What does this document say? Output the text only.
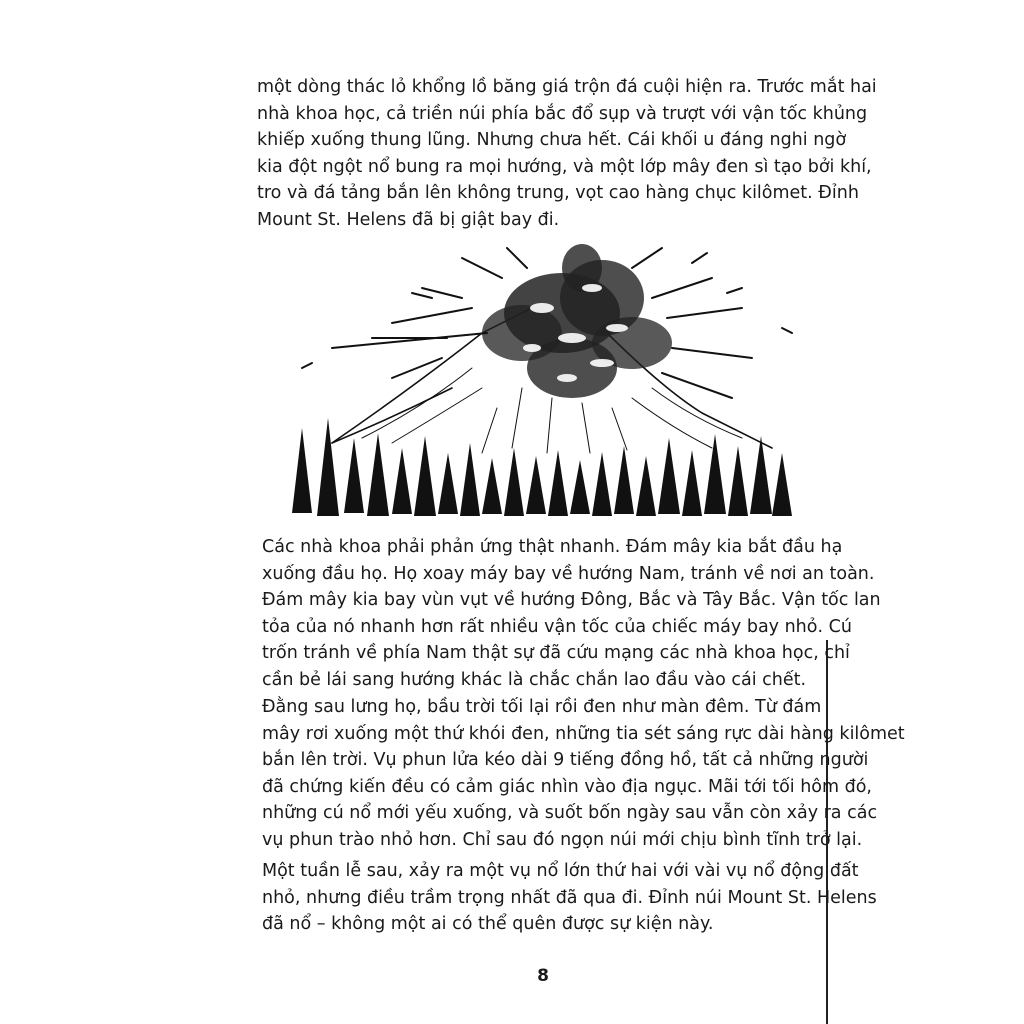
một dòng thác lỏ khổng lồ băng giá trộn đá cuội hiện ra. Trước mắt hai
nhà khoa học, cả triền núi phía bắc đổ sụp và trượt với vận tốc khủng
khiếp xuống thung lũng. Nhưng chưa hết. Cái khối u đáng nghi ngờ
kia đột ngột nổ bung ra mọi hướng, và một lớp mây đen sì tạo bởi khí,
tro và đá tảng bắn lên không trung, vọt cao hàng chục kilômet. Đỉnh
Mount St. Helens đã bị giật bay đi.
Các nhà khoa phải phản ứng thật nhanh. Đám mây kia bắt đầu hạ
xuống đầu họ. Họ xoay máy bay về hướng Nam, tránh về nơi an toàn.
Đám mây kia bay vùn vụt về hướng Đông, Bắc và Tây Bắc. Vận tốc lan
tỏa của nó nhanh hơn rất nhiều vận tốc của chiếc máy bay nhỏ. Cú
trốn tránh về phía Nam thật sự đã cứu mạng các nhà khoa học, chỉ
cần bẻ lái sang hướng khác là chắc chắn lao đầu vào cái chết.
Đằng sau lưng họ, bầu trời tối lại rồi đen như màn đêm. Từ đám
mây rơi xuống một thứ khói đen, những tia sét sáng rực dài hàng kilômet
bắn lên trời. Vụ phun lửa kéo dài 9 tiếng đồng hồ, tất cả những người
đã chứng kiến đều có cảm giác nhìn vào địa ngục. Mãi tới tối hôm đó,
những cú nổ mới yếu xuống, và suốt bốn ngày sau vẫn còn xảy ra các
vụ phun trào nhỏ hơn. Chỉ sau đó ngọn núi mới chịu bình tĩnh trở lại.
Một tuần lễ sau, xảy ra một vụ nổ lớn thứ hai với vài vụ nổ động đất
nhỏ, nhưng điều trầm trọng nhất đã qua đi. Đỉnh núi Mount St. Helens
đã nổ – không một ai có thể quên được sự kiện này.
8
